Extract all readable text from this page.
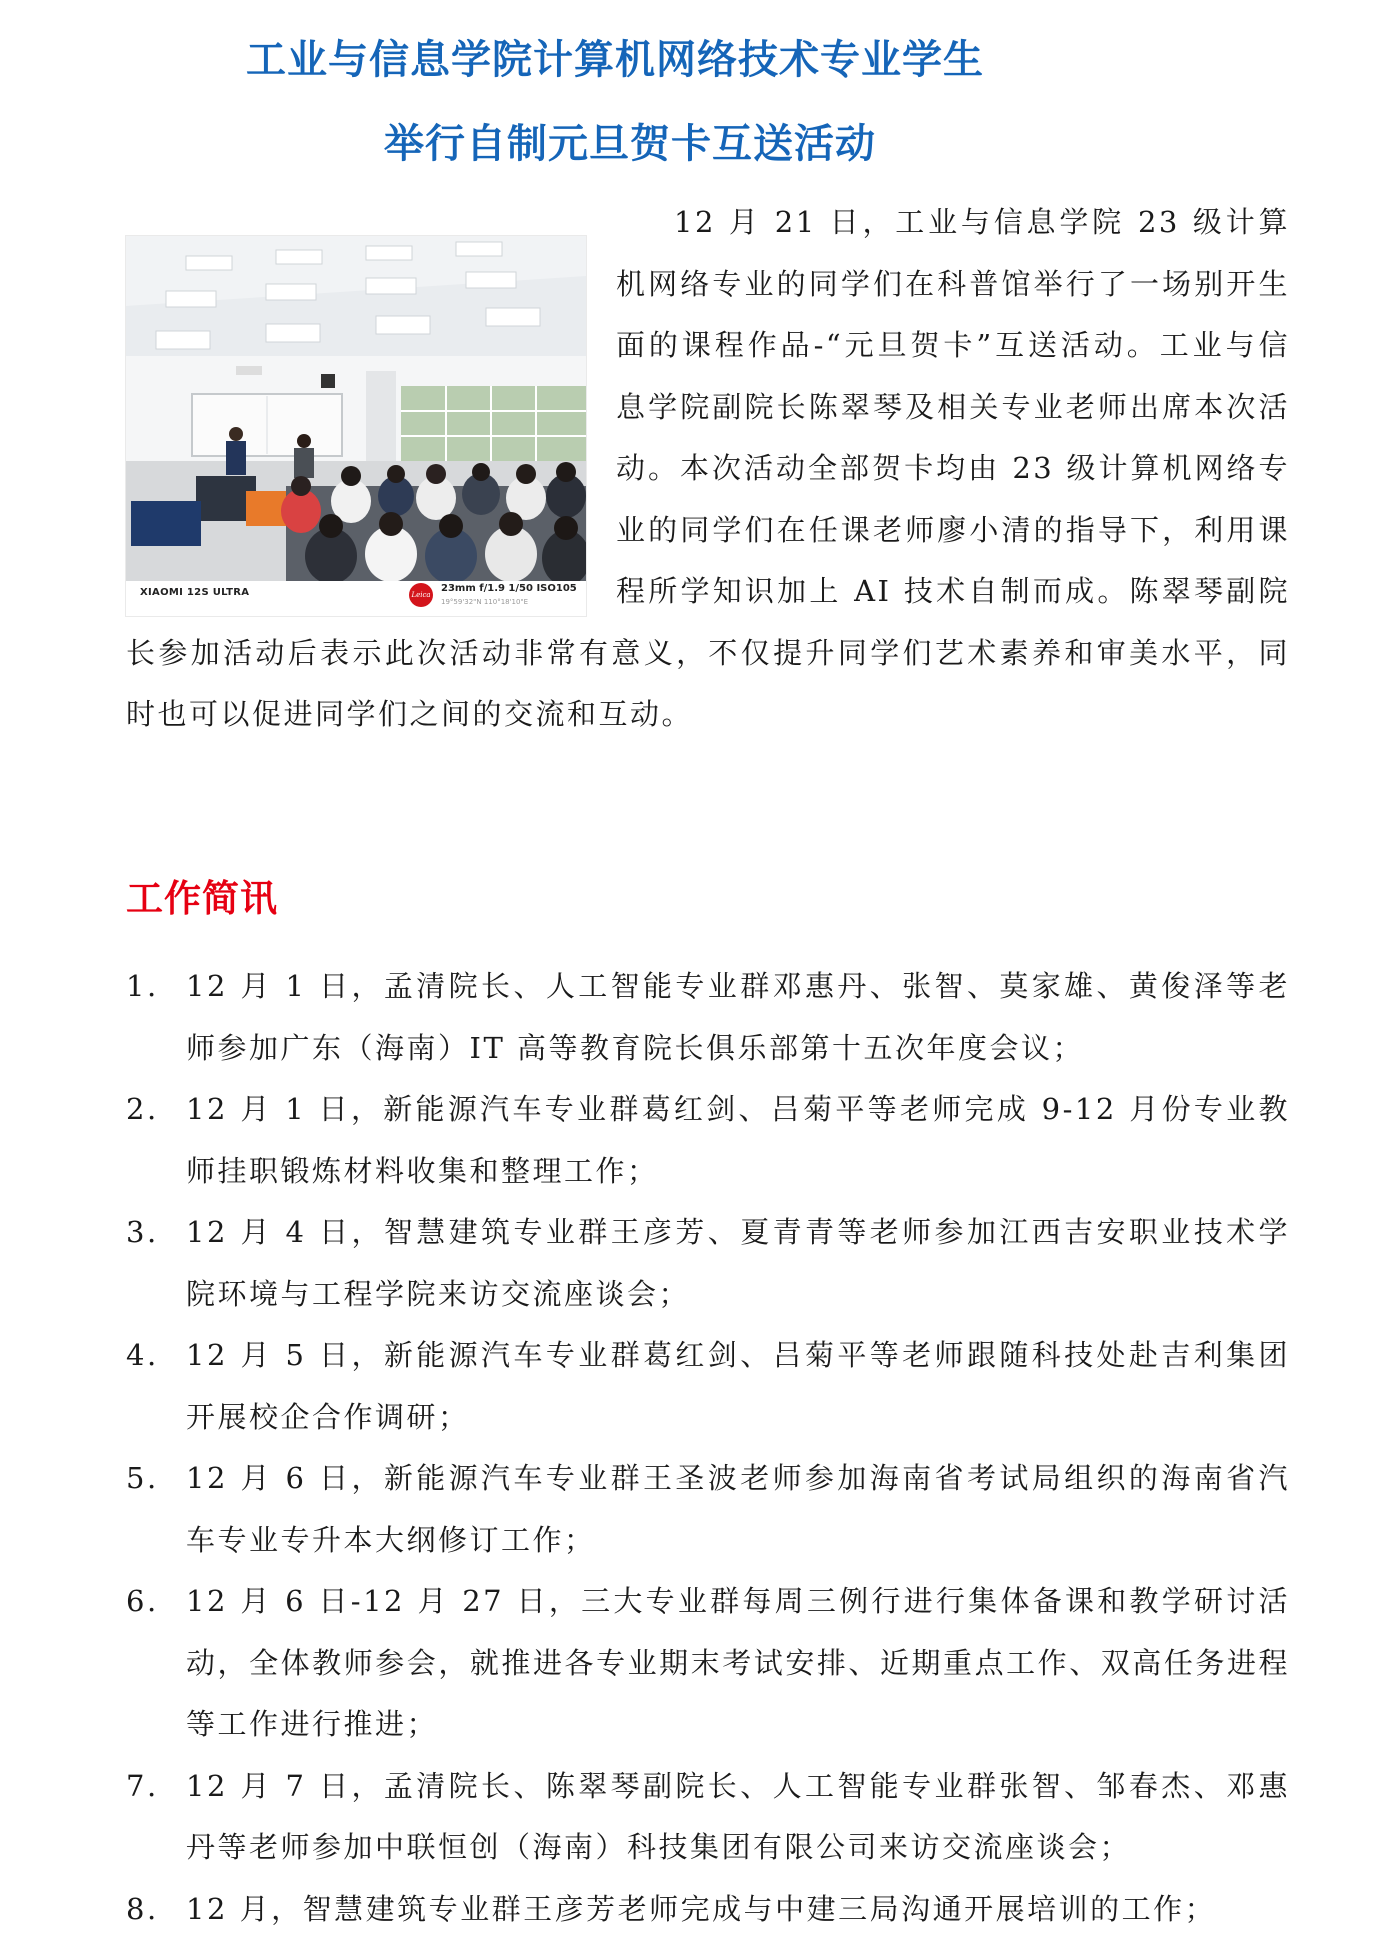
工业与信息学院计算机网络技术专业学生
举行自制元旦贺卡互送活动

12 月 21 日，工业与信息学院 23 级计算机网络专业的同学们在科普馆举行了一场别开生面的课程作品-“元旦贺卡”互送活动。工业与信息学院副院长陈翠琴及相关专业老师出席本次活动。本次活动全部贺卡均由 23 级计算机网络专业的同学们在任课老师廖小清的指导下，利用课程所学知识加上 AI 技术自制而成。陈翠琴副院长参加活动后表示此次活动非常有意义，不仅提升同学们艺术素养和审美水平，同时也可以促进同学们之间的交流和互动。

XIAOMI 12S ULTRA	Leica
23mm f/1.9 1/50 ISO105
19°59'32"N 110°18'10"E
工作简讯
1. 12 月 1 日，孟清院长、人工智能专业群邓惠丹、张智、莫家雄、黄俊泽等老师参加广东（海南）IT 高等教育院长俱乐部第十五次年度会议；
2. 12 月 1 日，新能源汽车专业群葛红剑、吕菊平等老师完成 9-12 月份专业教师挂职锻炼材料收集和整理工作；
3. 12 月 4 日，智慧建筑专业群王彦芳、夏青青等老师参加江西吉安职业技术学院环境与工程学院来访交流座谈会；
4. 12 月 5 日，新能源汽车专业群葛红剑、吕菊平等老师跟随科技处赴吉利集团开展校企合作调研；
5. 12 月 6 日，新能源汽车专业群王圣波老师参加海南省考试局组织的海南省汽车专业专升本大纲修订工作；
6. 12 月 6 日-12 月 27 日，三大专业群每周三例行进行集体备课和教学研讨活动，全体教师参会，就推进各专业期末考试安排、近期重点工作、双高任务进程等工作进行推进；
7. 12 月 7 日，孟清院长、陈翠琴副院长、人工智能专业群张智、邹春杰、邓惠丹等老师参加中联恒创（海南）科技集团有限公司来访交流座谈会；
8. 12 月，智慧建筑专业群王彦芳老师完成与中建三局沟通开展培训的工作；
